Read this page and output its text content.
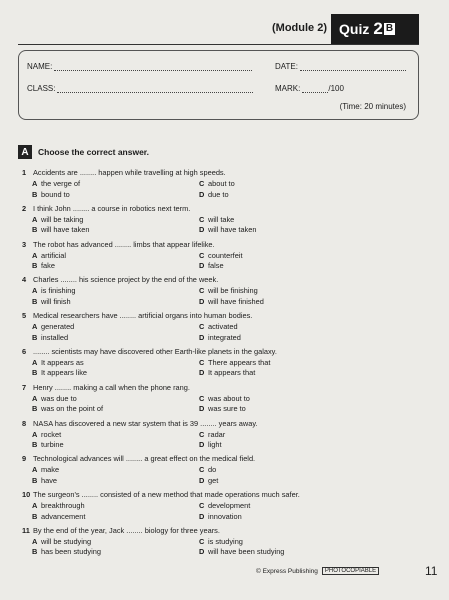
(Module 2) Quiz 2 B
NAME:	DATE:
CLASS:	MARK:	/100
(Time: 20 minutes)
A	Choose the correct answer.
1 Accidents are ........ happen while travelling at high speeds.
A the verge of
B bound to
C about to
D due to
2 I think John ........ a course in robotics next term.
A will be taking
B will have taken
C will take
D will have taken
3 The robot has advanced ........ limbs that appear lifelike.
A artificial
B fake
C counterfeit
D false
4 Charles ........ his science project by the end of the week.
A is finishing
B will finish
C will be finishing
D will have finished
5 Medical researchers have ........ artificial organs into human bodies.
A generated
B installed
C activated
D integrated
6 ........ scientists may have discovered other Earth-like planets in the galaxy.
A It appears as
B It appears like
C There appears that
D It appears that
7 Henry ........ making a call when the phone rang.
A was due to
B was on the point of
C was about to
D was sure to
8 NASA has discovered a new star system that is 39 ........ years away.
A rocket
B turbine
C radar
D light
9 Technological advances will ........ a great effect on the medical field.
A make
B have
C do
D get
10 The surgeon's ........ consisted of a new method that made operations much safer.
A breakthrough
B advancement
C development
D innovation
11 By the end of the year, Jack ........ biology for three years.
A will be studying
B has been studying
C is studying
D will have been studying
© Express Publishing	PHOTOCOPIABLE	11
